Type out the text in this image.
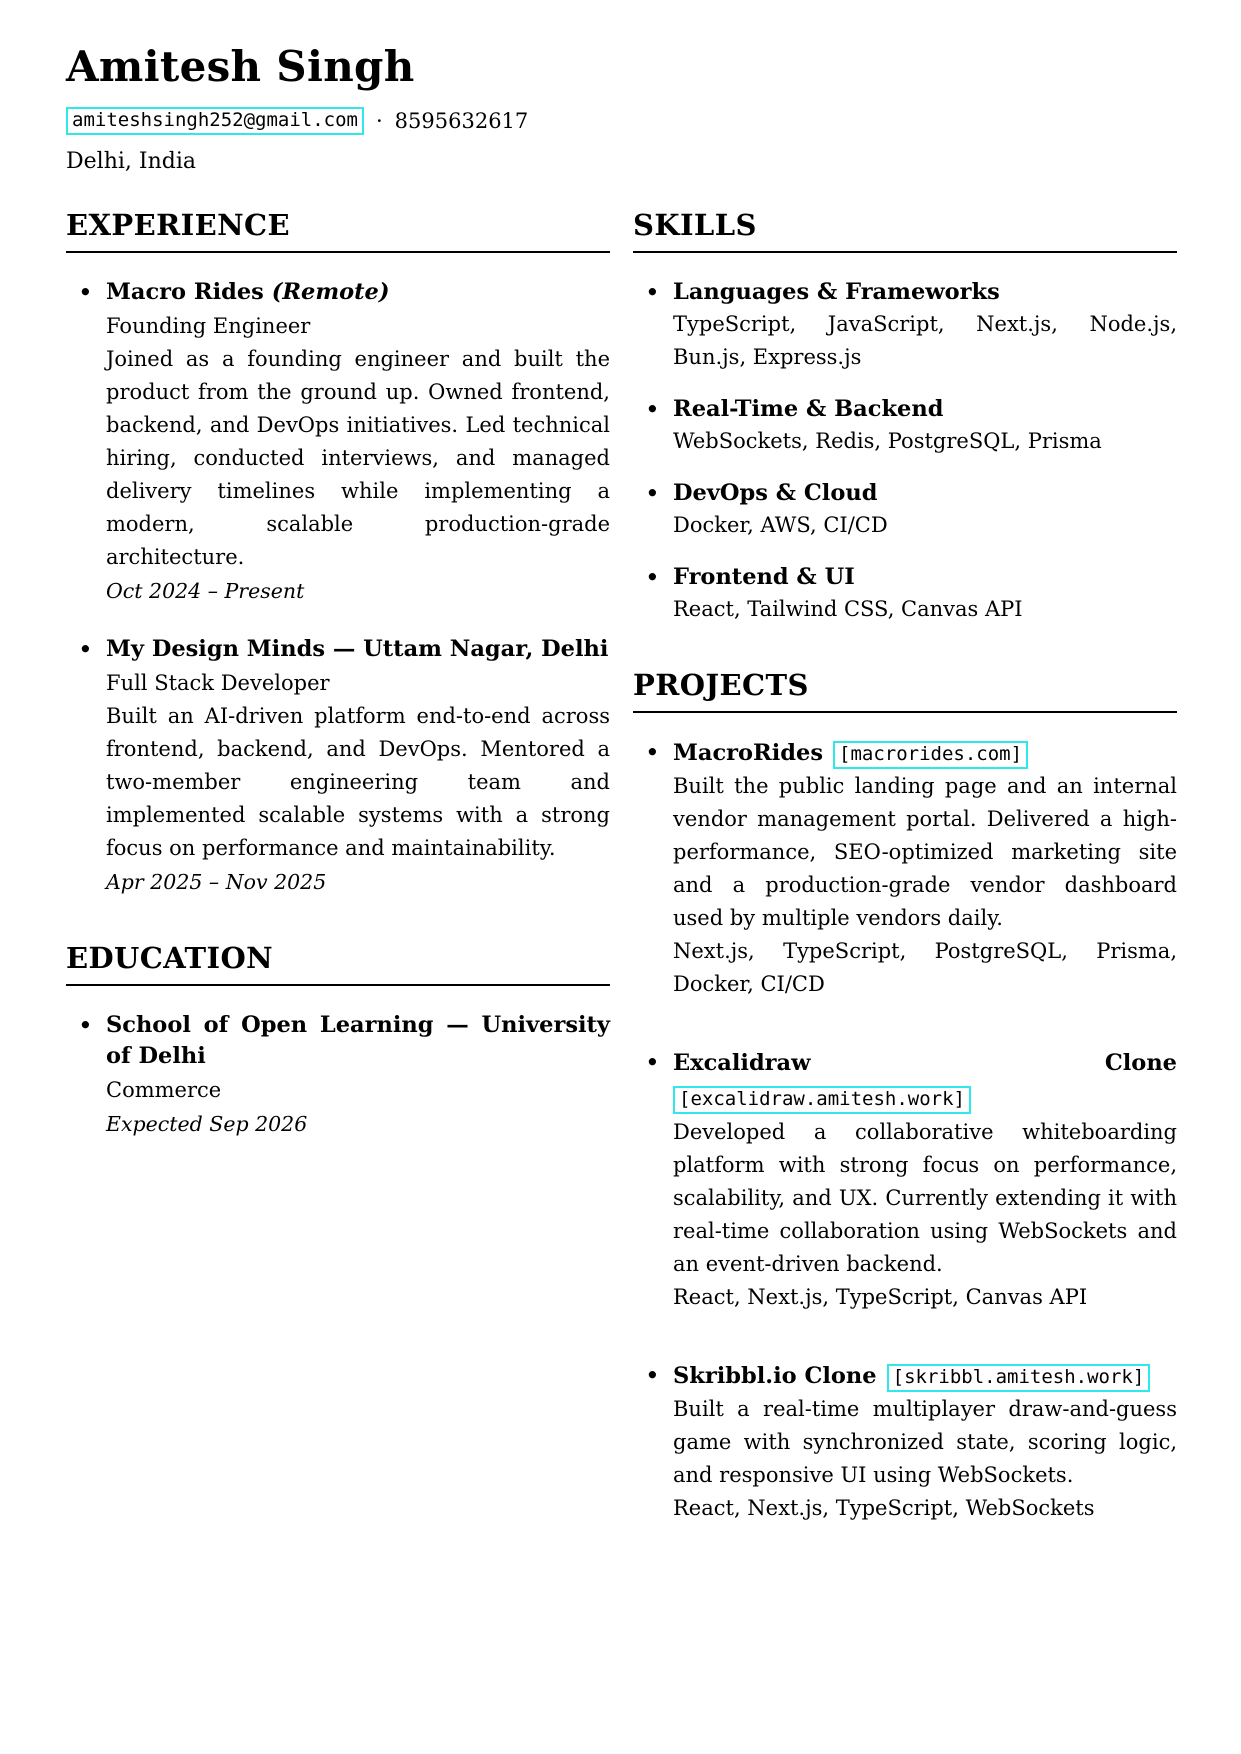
Amitesh Singh
amiteshsingh252@gmail.com · 8595632617
Delhi, India
EXPERIENCE
• Macro Rides (Remote)
Founding Engineer
Joined as a founding engineer and built the product from the ground up. Owned frontend, backend, and DevOps initiatives. Led technical hiring, conducted interviews, and managed delivery timelines while implementing a modern, scalable production-grade architecture.
Oct 2024 – Present
• My Design Minds — Uttam Nagar, Delhi
Full Stack Developer
Built an AI-driven platform end-to-end across frontend, backend, and DevOps. Mentored a two-member engineering team and implemented scalable systems with a strong focus on performance and maintainability.
Apr 2025 – Nov 2025
EDUCATION
• School of Open Learning — University of Delhi
Commerce
Expected Sep 2026
SKILLS
• Languages & Frameworks
TypeScript, JavaScript, Next.js, Node.js, Bun.js, Express.js
• Real-Time & Backend
WebSockets, Redis, PostgreSQL, Prisma
• DevOps & Cloud
Docker, AWS, CI/CD
• Frontend & UI
React, Tailwind CSS, Canvas API
PROJECTS
• MacroRides [macrorides.com]
Built the public landing page and an internal vendor management portal. Delivered a high-performance, SEO-optimized marketing site and a production-grade vendor dashboard used by multiple vendors daily.
Next.js, TypeScript, PostgreSQL, Prisma, Docker, CI/CD
• Excalidraw Clone
[excalidraw.amitesh.work]
Developed a collaborative whiteboarding platform with strong focus on performance, scalability, and UX. Currently extending it with real-time collaboration using WebSockets and an event-driven backend.
React, Next.js, TypeScript, Canvas API
• Skribbl.io Clone [skribbl.amitesh.work]
Built a real-time multiplayer draw-and-guess game with synchronized state, scoring logic, and responsive UI using WebSockets.
React, Next.js, TypeScript, WebSockets
